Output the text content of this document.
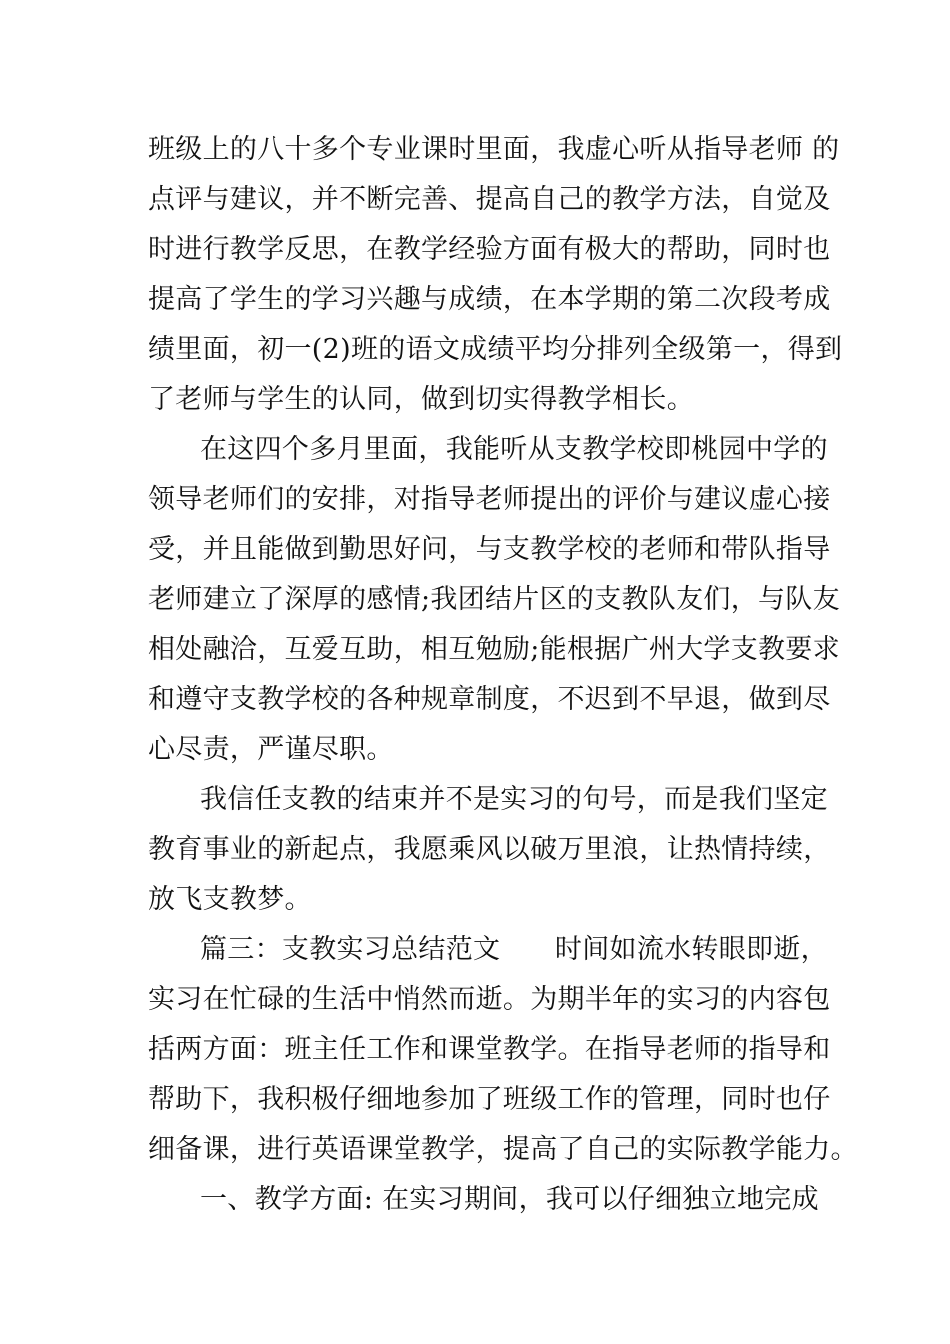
班级上的八十多个专业课时里面，我虚心听从指导老师 的
点评与建议，并不断完善、提高自己的教学方法，自觉及
时进行教学反思，在教学经验方面有极大的帮助，同时也
提高了学生的学习兴趣与成绩，在本学期的第二次段考成
绩里面，初一(2)班的语文成绩平均分排列全级第一，得到
了老师与学生的认同，做到切实得教学相长。
在这四个多月里面，我能听从支教学校即桃园中学的
领导老师们的安排，对指导老师提出的评价与建议虚心接
受，并且能做到勤思好问，与支教学校的老师和带队指导
老师建立了深厚的感情;我团结片区的支教队友们，与队友
相处融洽，互爱互助，相互勉励;能根据广州大学支教要求
和遵守支教学校的各种规章制度，不迟到不早退，做到尽
心尽责，严谨尽职。
我信任支教的结束并不是实习的句号，而是我们坚定
教育事业的新起点，我愿乘风以破万里浪，让热情持续，
放飞支教梦。
篇三：支教实习总结范文　　时间如流水转眼即逝，
实习在忙碌的生活中悄然而逝。为期半年的实习的内容包
括两方面：班主任工作和课堂教学。在指导老师的指导和
帮助下，我积极仔细地参加了班级工作的管理，同时也仔
细备课，进行英语课堂教学，提高了自己的实际教学能力。
一、教学方面: 在实习期间，我可以仔细独立地完成
